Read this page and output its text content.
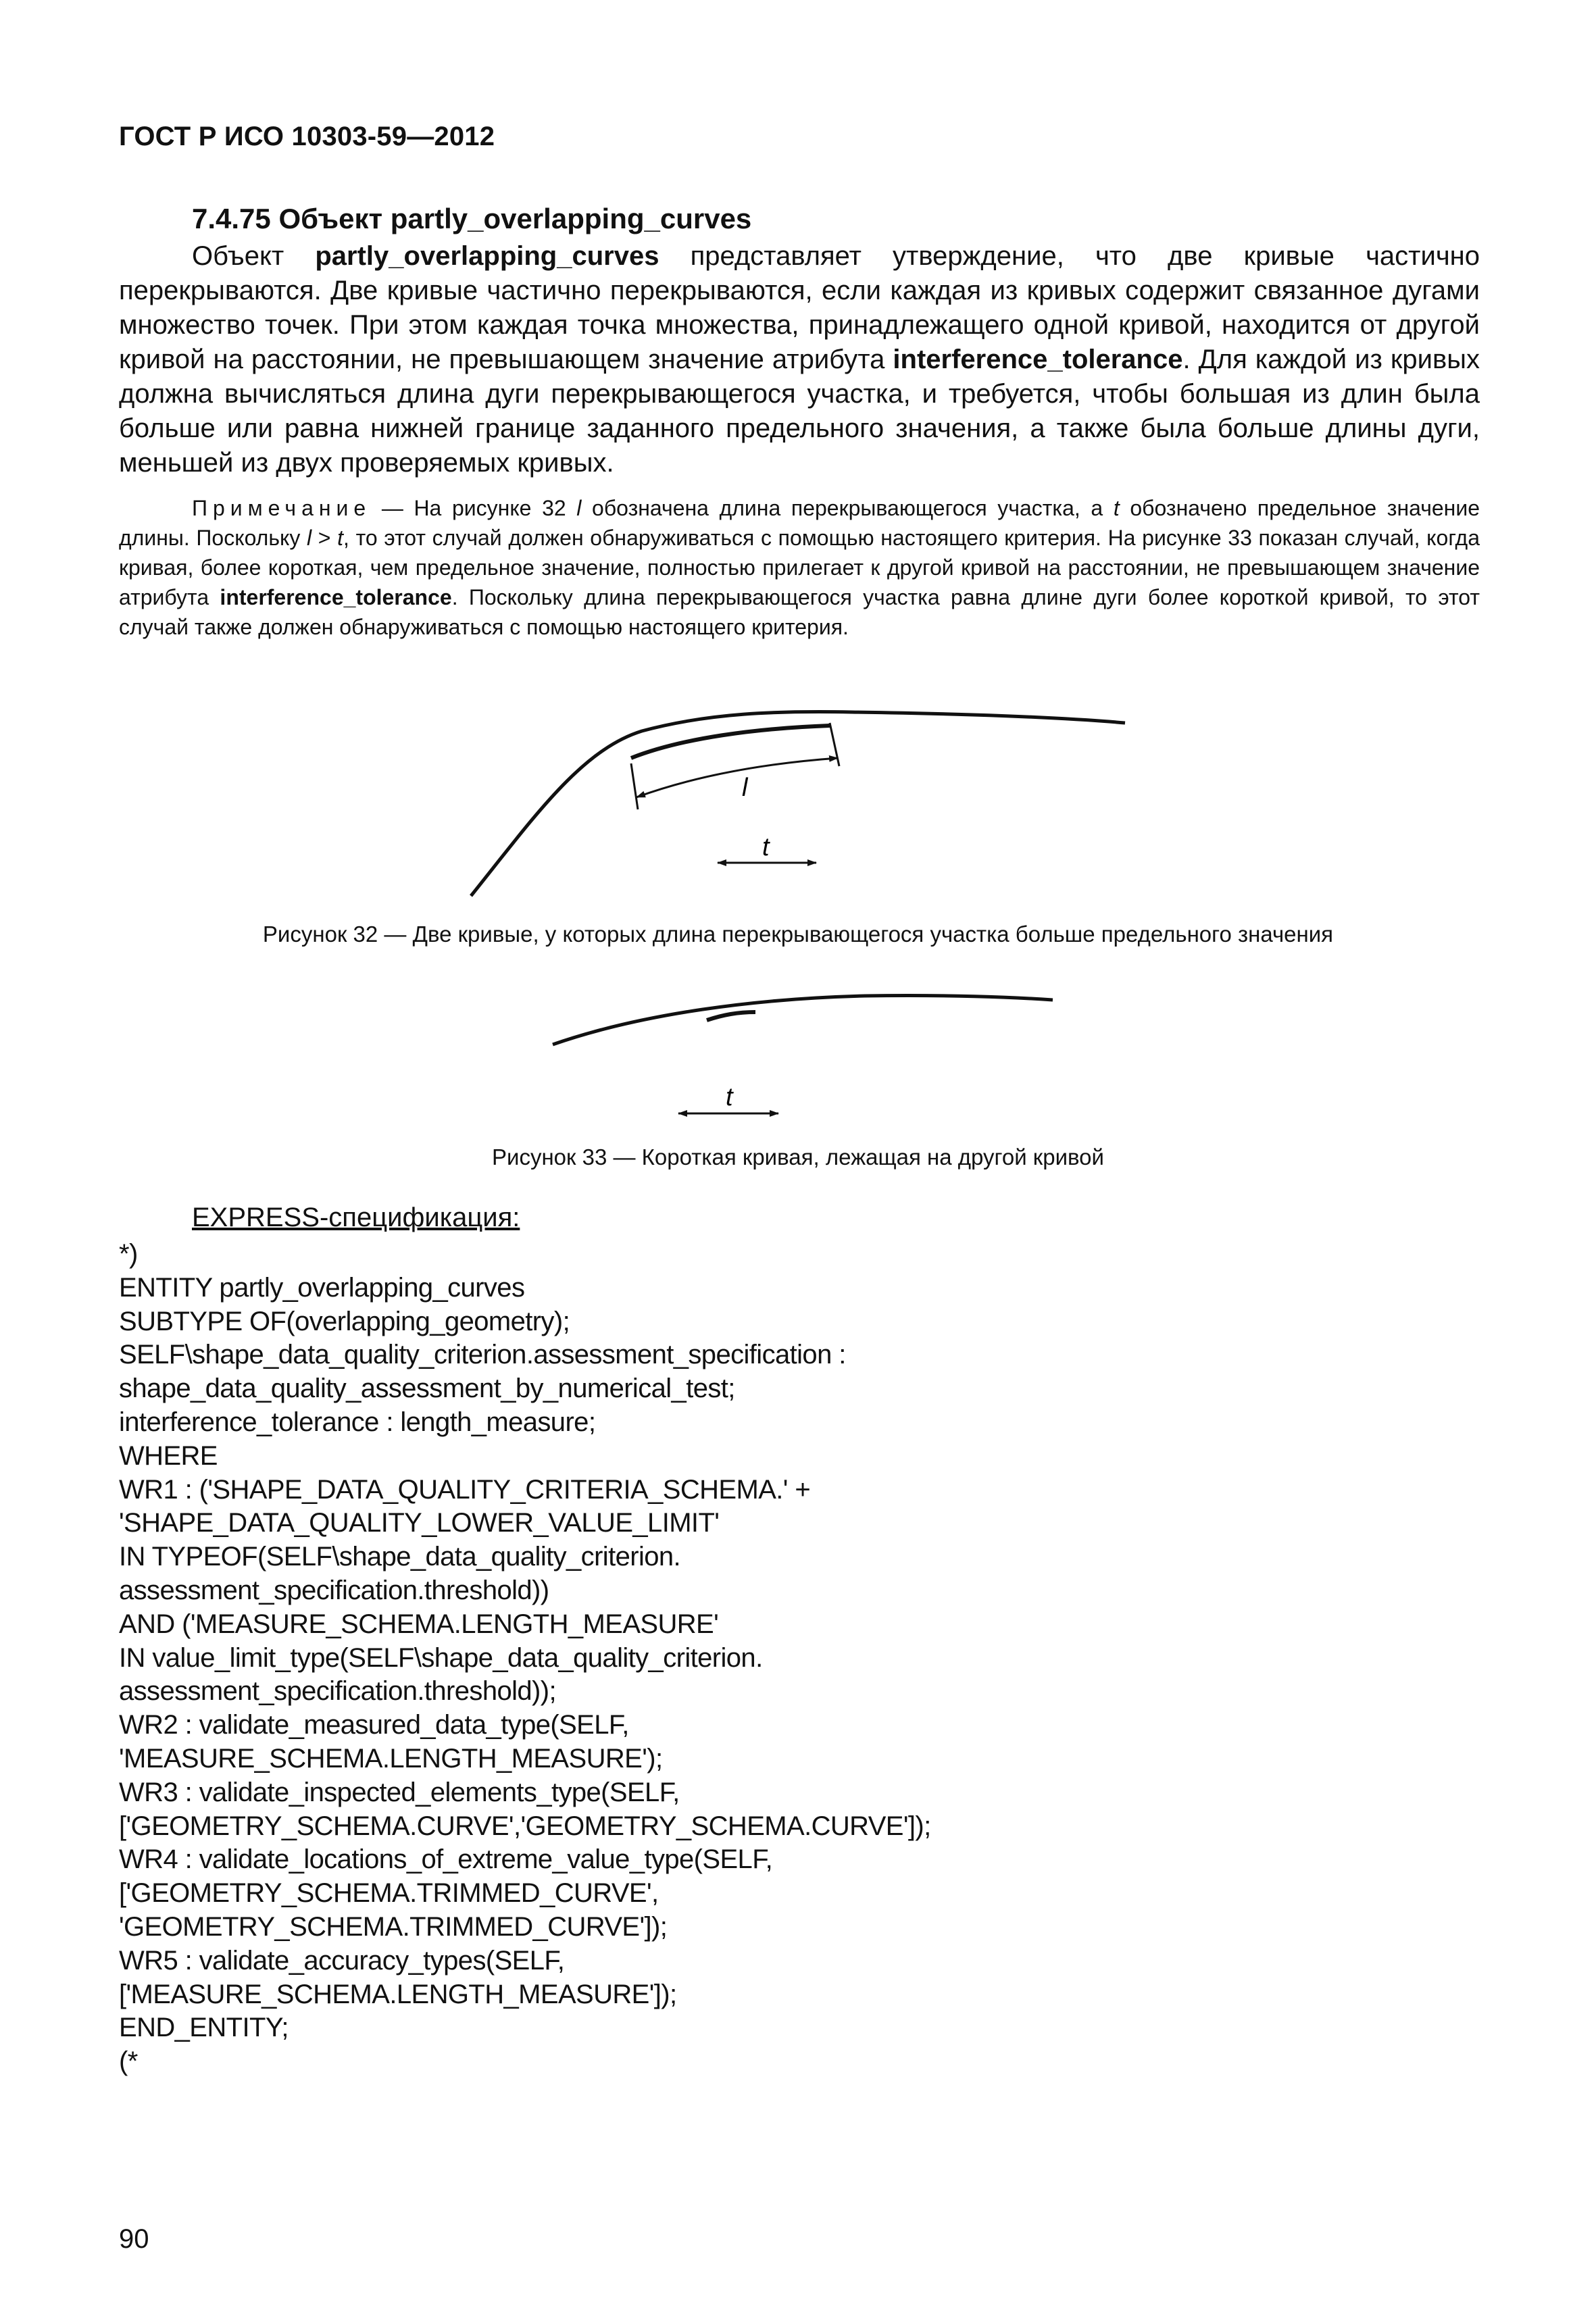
ГОСТ Р ИСО 10303-59—2012
7.4.75 Объект partly_overlapping_curves

Объект partly_overlapping_curves представляет утверждение, что две кривые частично перекрываются. Две кривые частично перекрываются, если каждая из кривых содержит связанное дугами множество точек. При этом каждая точка множества, принадлежащего одной кривой, находится от другой кривой на расстоянии, не превышающем значение атрибута interference_tolerance. Для каждой из кривых должна вычисляться длина дуги перекрывающегося участка, и требуется, чтобы большая из длин была больше или равна нижней границе заданного предельного значения, а также была больше длины дуги, меньшей из двух проверяемых кривых.

Примечание — На рисунке 32 l обозначена длина перекрывающегося участка, а t обозначено предельное значение длины. Поскольку l > t, то этот случай должен обнаруживаться с помощью настоящего критерия. На рисунке 33 показан случай, когда кривая, более короткая, чем предельное значение, полностью прилегает к другой кривой на расстоянии, не превышающем значение атрибута interference_tolerance. Поскольку длина перекрывающегося участка равна длине дуги более короткой кривой, то этот случай также должен обнаруживаться с помощью настоящего критерия.

l
t
Рисунок 32 — Две кривые, у которых длина перекрывающегося участка больше предельного значения
t
Рисунок 33 — Короткая кривая, лежащая на другой кривой
EXPRESS-спецификация:
*)
ENTITY partly_overlapping_curves
SUBTYPE OF(overlapping_geometry);
SELF\shape_data_quality_criterion.assessment_specification :
shape_data_quality_assessment_by_numerical_test;
interference_tolerance : length_measure;
WHERE
WR1 : ('SHAPE_DATA_QUALITY_CRITERIA_SCHEMA.' +
'SHAPE_DATA_QUALITY_LOWER_VALUE_LIMIT'
IN TYPEOF(SELF\shape_data_quality_criterion.
assessment_specification.threshold))
AND ('MEASURE_SCHEMA.LENGTH_MEASURE'
IN value_limit_type(SELF\shape_data_quality_criterion.
assessment_specification.threshold));
WR2 : validate_measured_data_type(SELF,
'MEASURE_SCHEMA.LENGTH_MEASURE');
WR3 : validate_inspected_elements_type(SELF,
['GEOMETRY_SCHEMA.CURVE','GEOMETRY_SCHEMA.CURVE']);
WR4 : validate_locations_of_extreme_value_type(SELF,
['GEOMETRY_SCHEMA.TRIMMED_CURVE',
'GEOMETRY_SCHEMA.TRIMMED_CURVE']);
WR5 : validate_accuracy_types(SELF,
['MEASURE_SCHEMA.LENGTH_MEASURE']);
END_ENTITY;
(*
90
